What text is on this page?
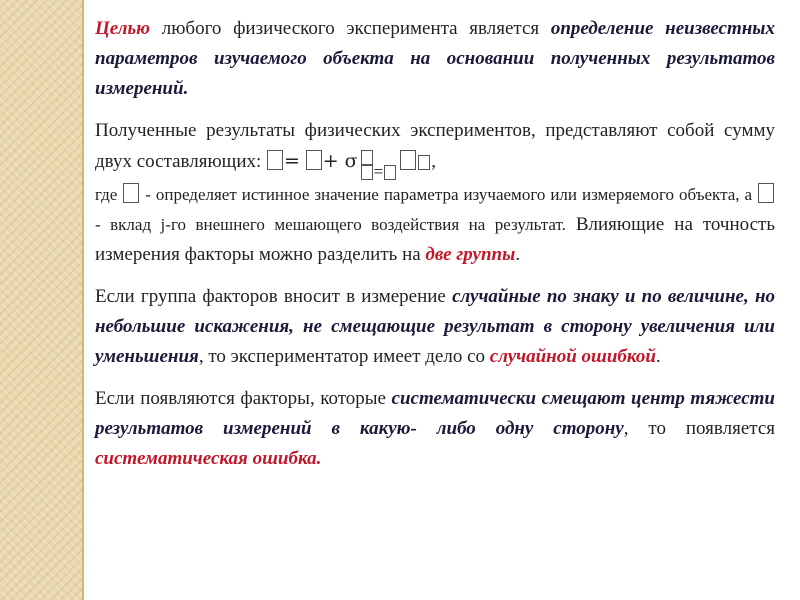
Целью любого физического эксперимента является определение неизвестных параметров изучаемого объекта на основании полученных результатов измерений.

Полученные результаты физических экспериментов, представляют собой сумму двух составляющих: = + σ =	,
где  - определяет истинное значение параметра изучаемого или измеряемого объекта, а  - вклад j-го внешнего мешающего воздействия на результат. Влияющие на точность измерения факторы можно разделить на две группы.

Если группа факторов вносит в измерение случайные по знаку и по величине, но небольшие искажения, не смещающие результат в сторону увеличения или уменьшения, то экспериментатор имеет дело со случайной ошибкой.

Если появляются факторы, которые систематически смещают центр тяжести результатов измерений в какую- либо одну сторону, то появляется систематическая ошибка.
